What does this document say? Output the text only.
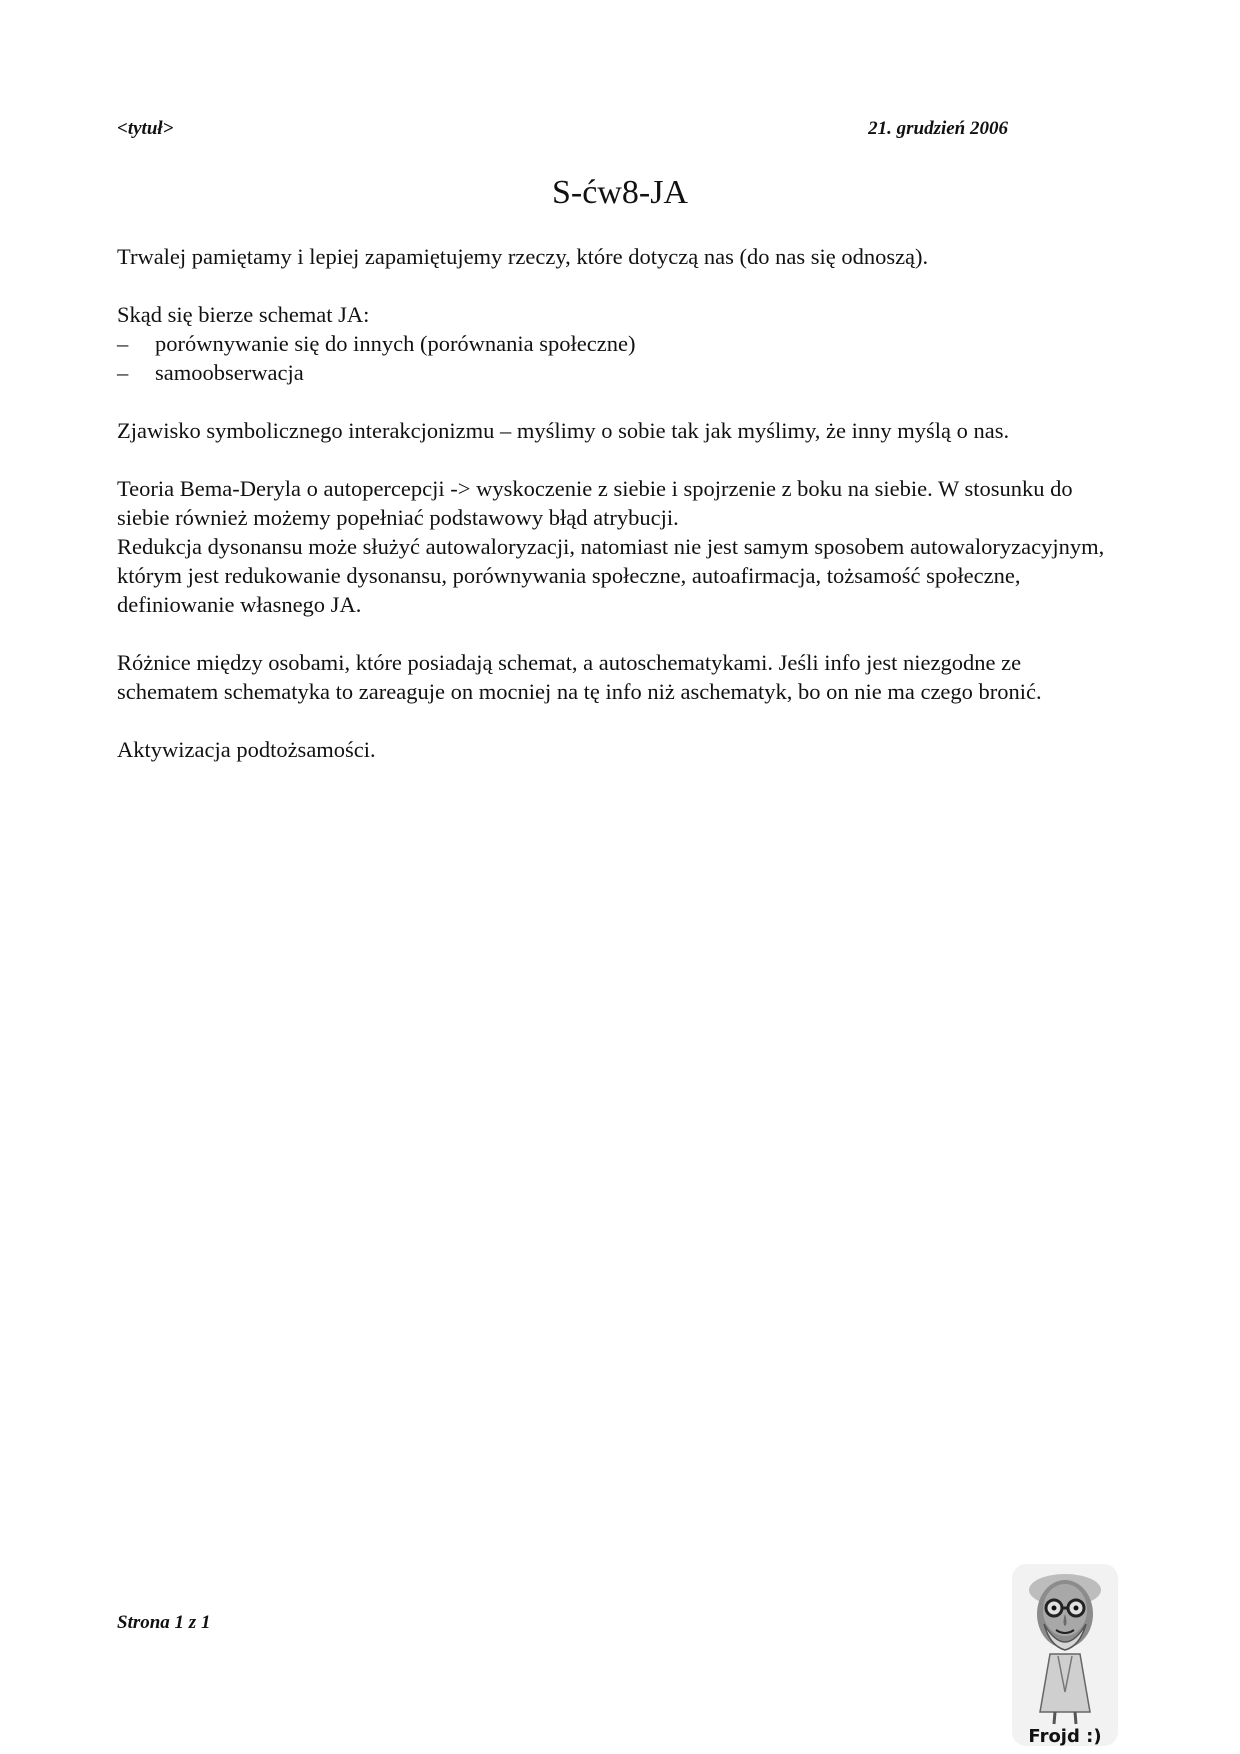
<tytuł>	21. grudzień 2006
S-ćw8-JA

Trwalej pamiętamy i lepiej zapamiętujemy rzeczy, które dotyczą nas (do nas się odnoszą).

Skąd się bierze schemat JA:
– porównywanie się do innych (porównania społeczne)
– samoobserwacja

Zjawisko symbolicznego interakcjonizmu – myślimy o sobie tak jak myślimy, że inny myślą o nas.

Teoria Bema-Deryla o autopercepcji -> wyskoczenie z siebie i spojrzenie z boku na siebie. W stosunku do siebie również możemy popełniać podstawowy błąd atrybucji.

Redukcja dysonansu może służyć autowaloryzacji, natomiast nie jest samym sposobem autowaloryzacyjnym, którym jest redukowanie dysonansu, porównywania społeczne, autoafirmacja, tożsamość społeczne, definiowanie własnego JA.

Różnice między osobami, które posiadają schemat, a autoschematykami. Jeśli info jest niezgodne ze schematem schematyka to zareaguje on mocniej na tę info niż aschematyk, bo on nie ma czego bronić.

Aktywizacja podtożsamości.

Strona 1 z 1
Frojd :)
